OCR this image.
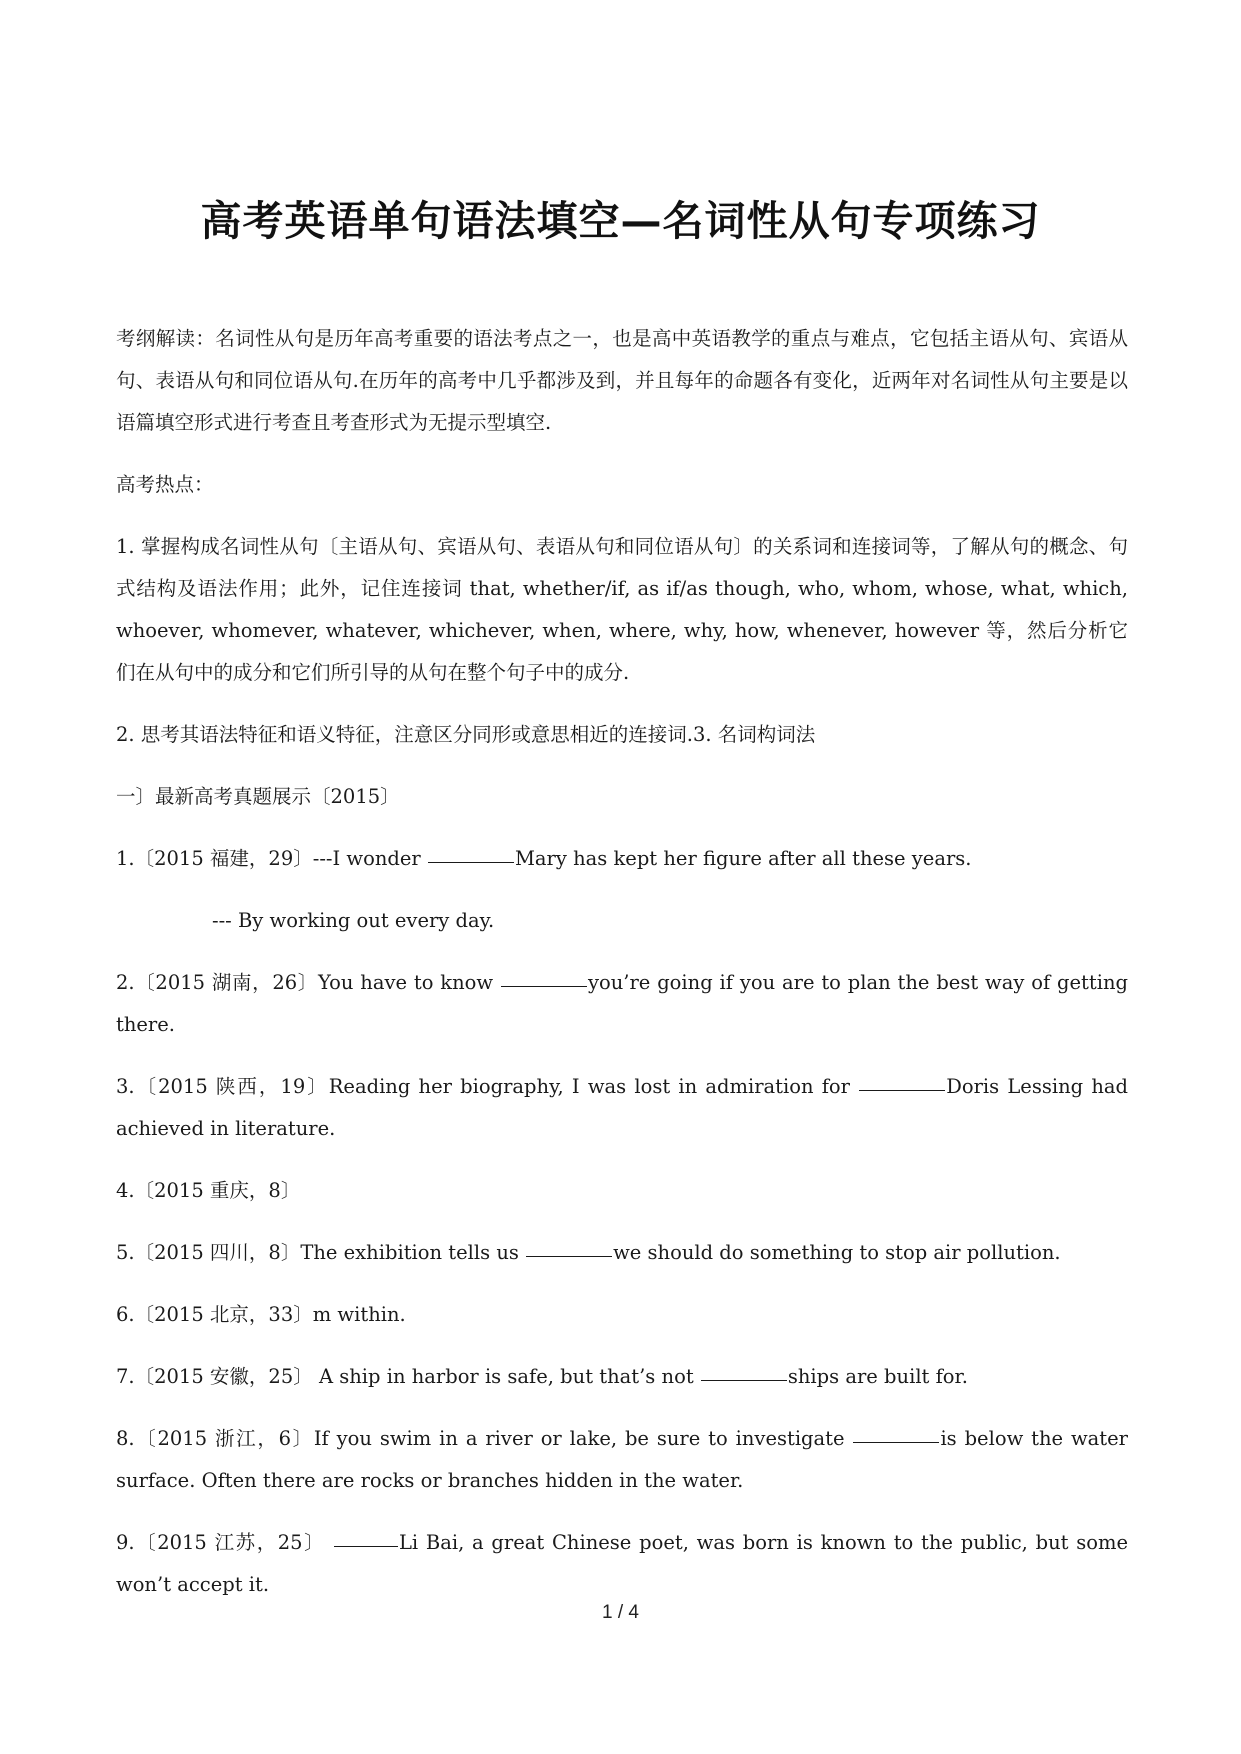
高考英语单句语法填空—名词性从句专项练习

考纲解读：名词性从句是历年高考重要的语法考点之一，也是高中英语教学的重点与难点，它包括主语从句、宾语从句、表语从句和同位语从句.在历年的高考中几乎都涉及到，并且每年的命题各有变化，近两年对名词性从句主要是以语篇填空形式进行考查且考查形式为无提示型填空.

高考热点：

1. 掌握构成名词性从句〔主语从句、宾语从句、表语从句和同位语从句〕的关系词和连接词等，了解从句的概念、句式结构及语法作用；此外，记住连接词 that, whether/if, as if/as though, who, whom, whose, what, which, whoever, whomever, whatever, whichever, when, where, why, how, whenever, however 等，然后分析它们在从句中的成分和它们所引导的从句在整个句子中的成分.

2. 思考其语法特征和语义特征，注意区分同形或意思相近的连接词.3. 名词构词法

一〕最新高考真题展示〔2015〕

1.〔2015 福建，29〕---I wonder	Mary has kept her figure after all these years.

--- By working out every day.

2.〔2015 湖南，26〕You have to know	you’re going if you are to plan the best way of getting there.

3.〔2015 陕西，19〕Reading her biography, I was lost in admiration for	Doris Lessing had achieved in literature.

4.〔2015 重庆，8〕

5.〔2015 四川，8〕The exhibition tells us	we should do something to stop air pollution.

6.〔2015 北京，33〕m within.

7.〔2015 安徽，25〕 A ship in harbor is safe, but that’s not	ships are built for.

8.〔2015 浙江，6〕If you swim in a river or lake, be sure to investigate	is below the water surface. Often there are rocks or branches hidden in the water.

9.〔2015 江苏，25〕	Li Bai, a great Chinese poet, was born is known to the public, but some won’t accept it.

1 / 4
